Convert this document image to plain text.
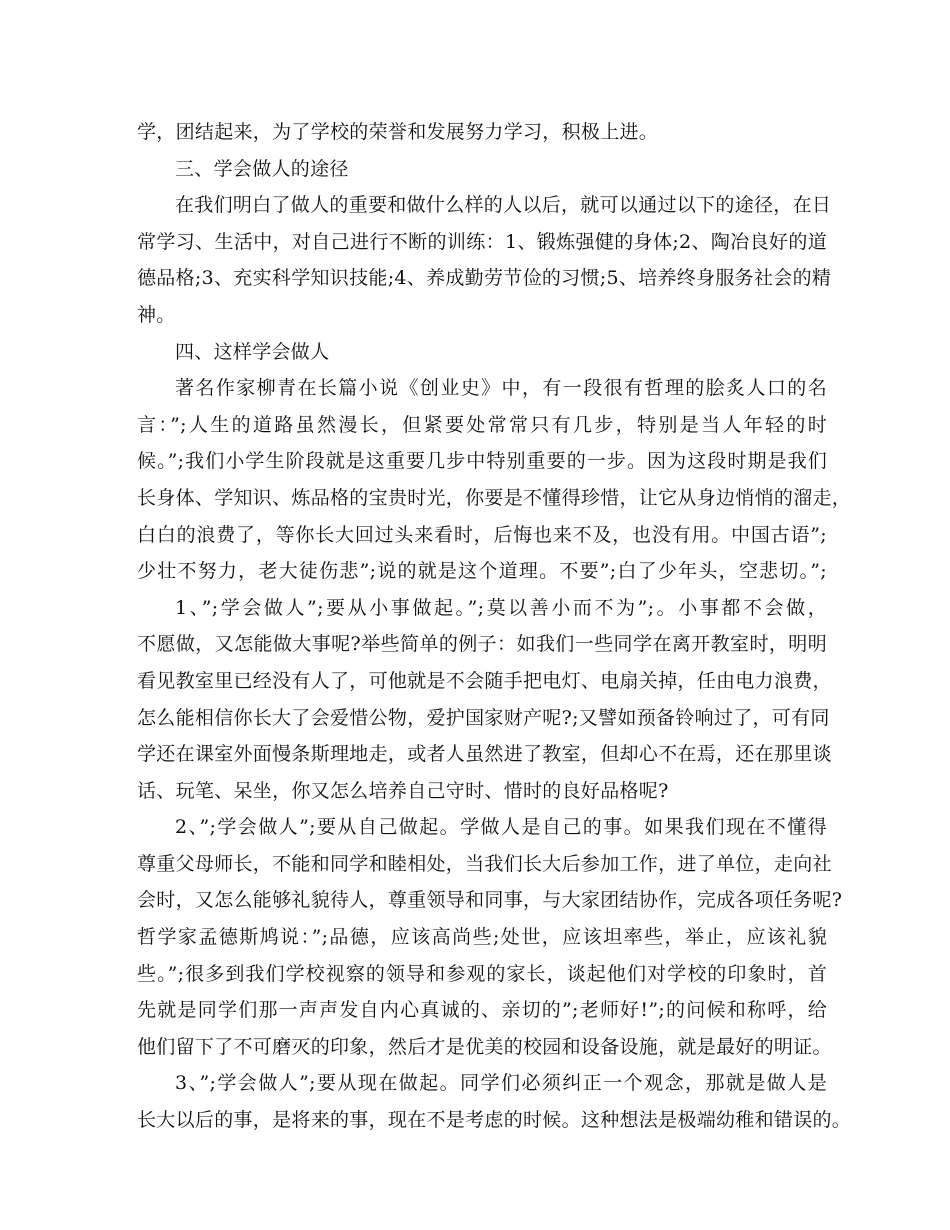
学，团结起来，为了学校的荣誉和发展努力学习，积极上进。
三、学会做人的途径
在我们明白了做人的重要和做什么样的人以后，就可以通过以下的途径，在日
常学习、生活中，对自己进行不断的训练：1、锻炼强健的身体;2、陶冶良好的道
德品格;3、充实科学知识技能;4、养成勤劳节俭的习惯;5、培养终身服务社会的精
神。
四、这样学会做人
著名作家柳青在长篇小说《创业史》中，有一段很有哲理的脍炙人口的名
言：”;人生的道路虽然漫长，但紧要处常常只有几步，特别是当人年轻的时
候。”;我们小学生阶段就是这重要几步中特别重要的一步。因为这段时期是我们
长身体、学知识、炼品格的宝贵时光，你要是不懂得珍惜，让它从身边悄悄的溜走，
白白的浪费了，等你长大回过头来看时，后悔也来不及，也没有用。中国古语”;
少壮不努力，老大徒伤悲”;说的就是这个道理。不要”;白了少年头，空悲切。”;
1、”;学会做人”;要从小事做起。”;莫以善小而不为”;。小事都不会做，
不愿做，又怎能做大事呢?举些简单的例子：如我们一些同学在离开教室时，明明
看见教室里已经没有人了，可他就是不会随手把电灯、电扇关掉，任由电力浪费，
怎么能相信你长大了会爱惜公物，爱护国家财产呢?;又譬如预备铃响过了，可有同
学还在课室外面慢条斯理地走，或者人虽然进了教室，但却心不在焉，还在那里谈
话、玩笔、呆坐，你又怎么培养自己守时、惜时的良好品格呢?
2、”;学会做人”;要从自己做起。学做人是自己的事。如果我们现在不懂得
尊重父母师长，不能和同学和睦相处，当我们长大后参加工作，进了单位，走向社
会时，又怎么能够礼貌待人，尊重领导和同事，与大家团结协作，完成各项任务呢?
哲学家孟德斯鸠说：”;品德，应该高尚些;处世，应该坦率些，举止，应该礼貌
些。”;很多到我们学校视察的领导和参观的家长，谈起他们对学校的印象时，首
先就是同学们那一声声发自内心真诚的、亲切的”;老师好!”;的问候和称呼，给
他们留下了不可磨灭的印象，然后才是优美的校园和设备设施，就是最好的明证。
3、”;学会做人”;要从现在做起。同学们必须纠正一个观念，那就是做人是
长大以后的事，是将来的事，现在不是考虑的时候。这种想法是极端幼稚和错误的。
